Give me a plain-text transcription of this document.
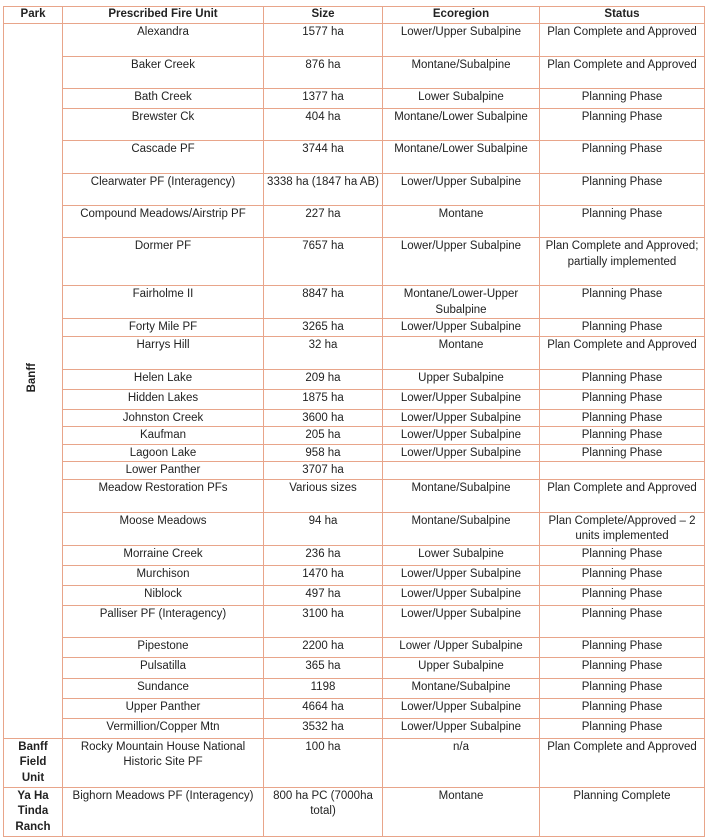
Park	Prescribed Fire Unit	Size	Ecoregion	Status
Banff	Alexandra	1577 ha	Lower/Upper Subalpine	Plan Complete and Approved
	Baker Creek	876 ha	Montane/Subalpine	Plan Complete and Approved
	Bath Creek	1377 ha	Lower Subalpine	Planning Phase
	Brewster Ck	404 ha	Montane/Lower Subalpine	Planning Phase
	Cascade PF	3744 ha	Montane/Lower Subalpine	Planning Phase
	Clearwater PF (Interagency)	3338 ha (1847 ha AB)	Lower/Upper Subalpine	Planning Phase
	Compound Meadows/Airstrip PF	227 ha	Montane	Planning Phase
	Dormer PF	7657 ha	Lower/Upper Subalpine	Plan Complete and Approved; partially implemented
	Fairholme II	8847 ha	Montane/Lower-Upper Subalpine	Planning Phase
	Forty Mile PF	3265 ha	Lower/Upper Subalpine	Planning Phase
	Harrys Hill	32 ha	Montane	Plan Complete and Approved
	Helen Lake	209 ha	Upper Subalpine	Planning Phase
	Hidden Lakes	1875 ha	Lower/Upper Subalpine	Planning Phase
	Johnston Creek	3600 ha	Lower/Upper Subalpine	Planning Phase
	Kaufman	205 ha	Lower/Upper Subalpine	Planning Phase
	Lagoon Lake	958 ha	Lower/Upper Subalpine	Planning Phase
	Lower Panther	3707 ha		
	Meadow Restoration PFs	Various sizes	Montane/Subalpine	Plan Complete and Approved
	Moose Meadows	94 ha	Montane/Subalpine	Plan Complete/Approved – 2 units implemented
	Morraine Creek	236 ha	Lower Subalpine	Planning Phase
	Murchison	1470 ha	Lower/Upper Subalpine	Planning Phase
	Niblock	497 ha	Lower/Upper Subalpine	Planning Phase
	Palliser PF (Interagency)	3100 ha	Lower/Upper Subalpine	Planning Phase
	Pipestone	2200 ha	Lower /Upper Subalpine	Planning Phase
	Pulsatilla	365 ha	Upper Subalpine	Planning Phase
	Sundance	1198	Montane/Subalpine	Planning Phase
	Upper Panther	4664 ha	Lower/Upper Subalpine	Planning Phase
	Vermillion/Copper Mtn	3532 ha	Lower/Upper Subalpine	Planning Phase
Banff Field Unit	Rocky Mountain House National Historic Site PF	100 ha	n/a	Plan Complete and Approved
Ya Ha Tinda Ranch	Bighorn Meadows PF (Interagency)	800 ha PC (7000ha total)	Montane	Planning Complete
